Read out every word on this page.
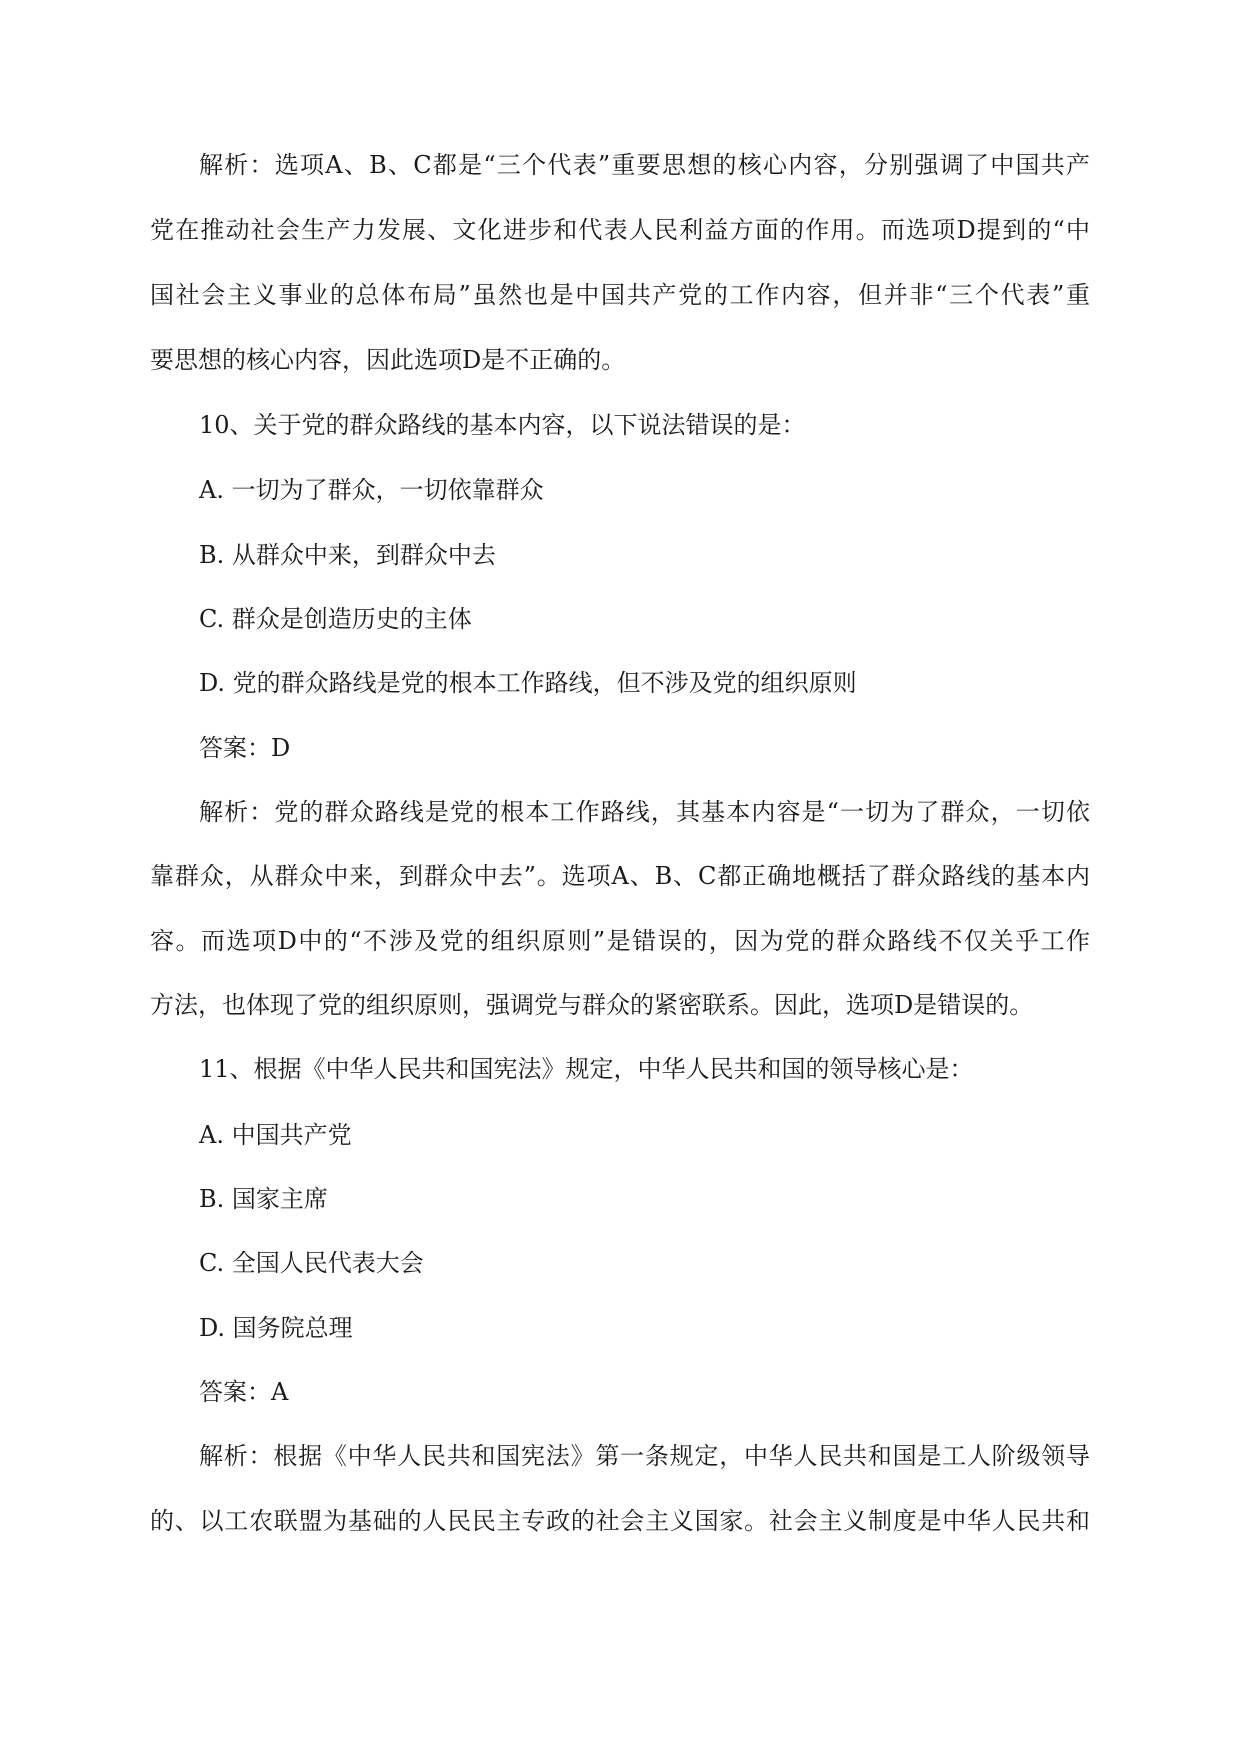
解析：选项A、B、C都是“三个代表”重要思想的核心内容，分别强调了中国共产
党在推动社会生产力发展、文化进步和代表人民利益方面的作用。而选项D提到的“中
国社会主义事业的总体布局”虽然也是中国共产党的工作内容，但并非“三个代表”重
要思想的核心内容，因此选项D是不正确的。
10、关于党的群众路线的基本内容，以下说法错误的是：
A. 一切为了群众，一切依靠群众
B. 从群众中来，到群众中去
C. 群众是创造历史的主体
D. 党的群众路线是党的根本工作路线，但不涉及党的组织原则
答案：D
解析：党的群众路线是党的根本工作路线，其基本内容是“一切为了群众，一切依
靠群众，从群众中来，到群众中去”。选项A、B、C都正确地概括了群众路线的基本内
容。而选项D中的“不涉及党的组织原则”是错误的，因为党的群众路线不仅关乎工作
方法，也体现了党的组织原则，强调党与群众的紧密联系。因此，选项D是错误的。
11、根据《中华人民共和国宪法》规定，中华人民共和国的领导核心是：
A. 中国共产党
B. 国家主席
C. 全国人民代表大会
D. 国务院总理
答案：A
解析：根据《中华人民共和国宪法》第一条规定，中华人民共和国是工人阶级领导
的、以工农联盟为基础的人民民主专政的社会主义国家。社会主义制度是中华人民共和
